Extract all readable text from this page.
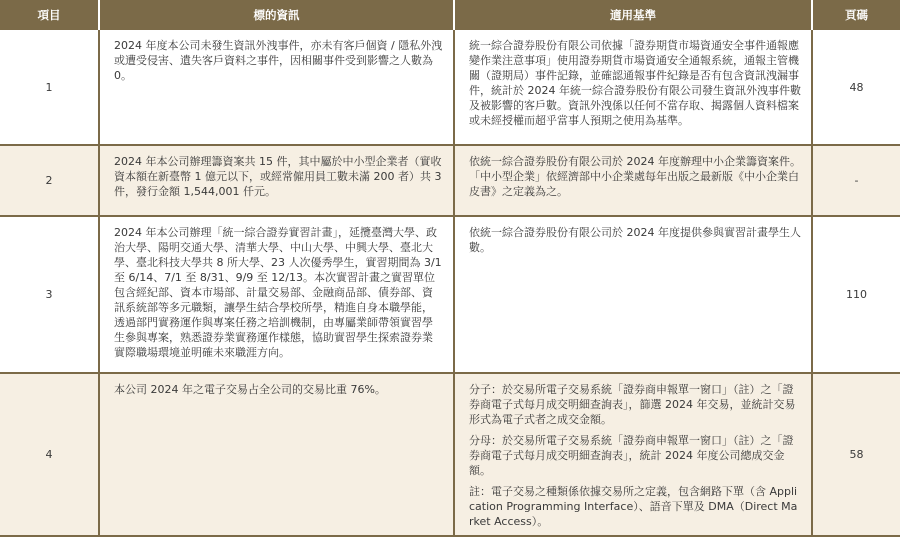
項目	標的資訊	適用基準	頁碼
1	2024 年度本公司未發生資訊外洩事件，亦未有客戶個資 / 隱私外洩或遭受侵害、遺失客戶資料之事件，因相關事件受到影響之人數為 0。	統一綜合證券股份有限公司依據「證券期貨市場資通安全事件通報應變作業注意事項」使用證券期貨市場資通安全通報系統，通報主管機關（證期局）事件記錄，並確認通報事件紀錄是否有包含資訊洩漏事件，統計於 2024 年統一綜合證券股份有限公司發生資訊外洩事件數及被影響的客戶數。資訊外洩係以任何不當存取、揭露個人資料檔案或未經授權而超乎當事人預期之使用為基準。	48
2	2024 年本公司辦理籌資案共 15 件，其中屬於中小型企業者（實收資本額在新臺幣 1 億元以下，或經常僱用員工數未滿 200 者）共 3 件，發行金額 1,544,001 仟元。	依統一綜合證券股份有限公司於 2024 年度辦理中小企業籌資案件。「中小型企業」依經濟部中小企業處每年出版之最新版《中小企業白皮書》之定義為之。	-
3	2024 年本公司辦理「統一綜合證券實習計畫」，延攬臺灣大學、政治大學、陽明交通大學、清華大學、中山大學、中興大學、臺北大學、臺北科技大學共 8 所大學、23 人次優秀學生，實習期間為 3/1 至 6/14、7/1 至 8/31、9/9 至 12/13。本次實習計畫之實習單位包含經紀部、資本市場部、計量交易部、金融商品部、債券部、資訊系統部等多元職類，讓學生結合學校所學，精進自身本職學能，透過部門實務運作與專案任務之培訓機制，由專屬業師帶領實習學生參與專案，熟悉證券業實務運作樣態，協助實習學生探索證券業實際職場環境並明確未來職涯方向。	依統一綜合證券股份有限公司於 2024 年度提供參與實習計畫學生人數。	110
4	本公司 2024 年之電子交易占全公司的交易比重 76%。	分子：於交易所電子交易系統「證券商申報單一窗口」（註）之「證券商電子式每月成交明細查詢表」，篩選 2024 年交易，並統計交易形式為電子式者之成交金額。

分母：於交易所電子交易系統「證券商申報單一窗口」（註）之「證券商電子式每月成交明細查詢表」，統計 2024 年度公司總成交金額。

註：電子交易之種類係依據交易所之定義，包含網路下單（含 Application Programming Interface）、語音下單及 DMA（Direct Market Access）。	58
